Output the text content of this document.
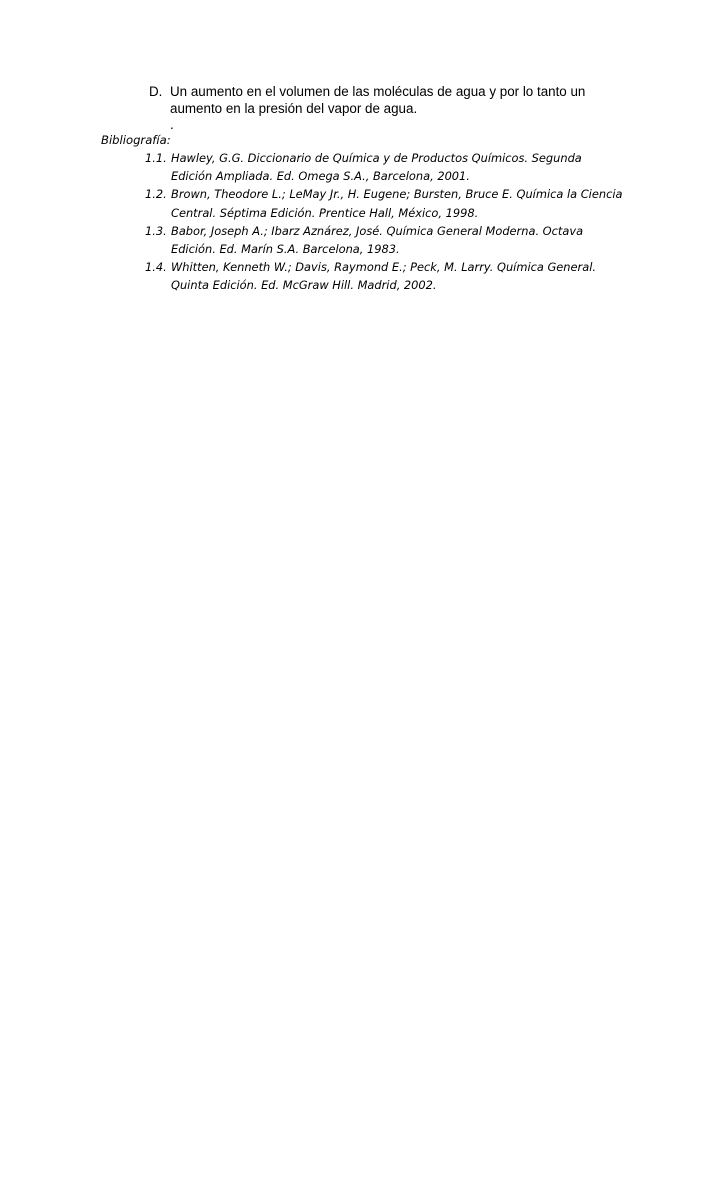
D. Un aumento en el volumen de las moléculas de agua y por lo tanto un
aumento en la presión del vapor de agua.
.
Bibliografía:
1.1. Hawley, G.G. Diccionario de Química y de Productos Químicos. Segunda
Edición Ampliada. Ed. Omega S.A., Barcelona, 2001.
1.2. Brown, Theodore L.; LeMay Jr., H. Eugene; Bursten, Bruce E. Química la Ciencia
Central. Séptima Edición. Prentice Hall, México, 1998.
1.3. Babor, Joseph A.; Ibarz Aznárez, José. Química General Moderna. Octava
Edición. Ed. Marín S.A. Barcelona, 1983.
1.4. Whitten, Kenneth W.; Davis, Raymond E.; Peck, M. Larry. Química General.
Quinta Edición. Ed. McGraw Hill. Madrid, 2002.
